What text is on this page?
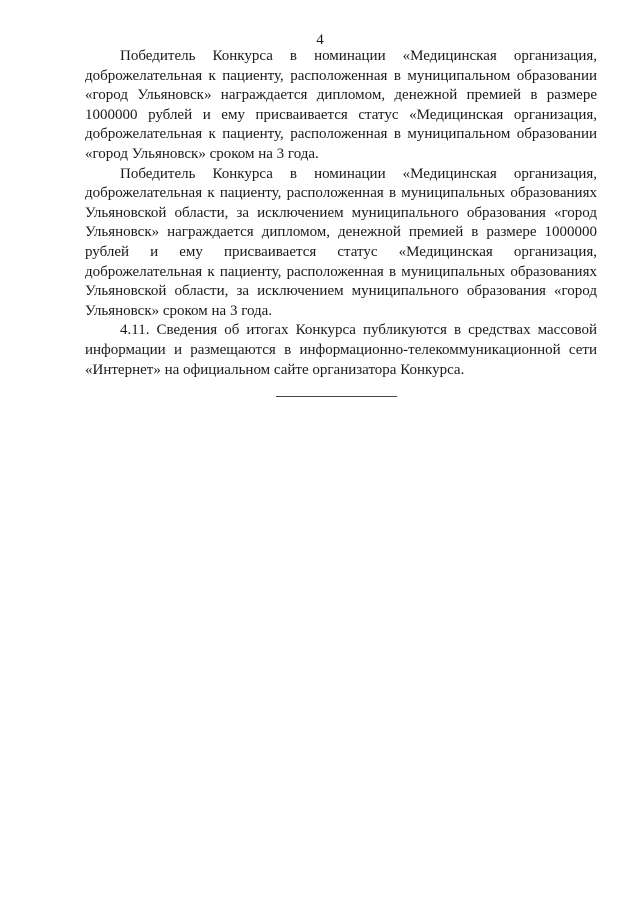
4

Победитель Конкурса в номинации «Медицинская организация, доброжелательная к пациенту, расположенная в муниципальном образовании «город Ульяновск» награждается дипломом, денежной премией в размере 1000000 рублей и ему присваивается статус «Медицинская организация, доброжелательная к пациенту, расположенная в муниципальном образовании «город Ульяновск» сроком на 3 года.

Победитель Конкурса в номинации «Медицинская организация, доброжелательная к пациенту, расположенная в муниципальных образованиях Ульяновской области, за исключением муниципального образования «город Ульяновск» награждается дипломом, денежной премией в размере 1000000 рублей и ему присваивается статус «Медицинская организация, доброжелательная к пациенту, расположенная в муниципальных образованиях Ульяновской области, за исключением муниципального образования «город Ульяновск» сроком на 3 года.

4.11. Сведения об итогах Конкурса публикуются в средствах массовой информации и размещаются в информационно-телекоммуникационной сети «Интернет» на официальном сайте организатора Конкурса.
